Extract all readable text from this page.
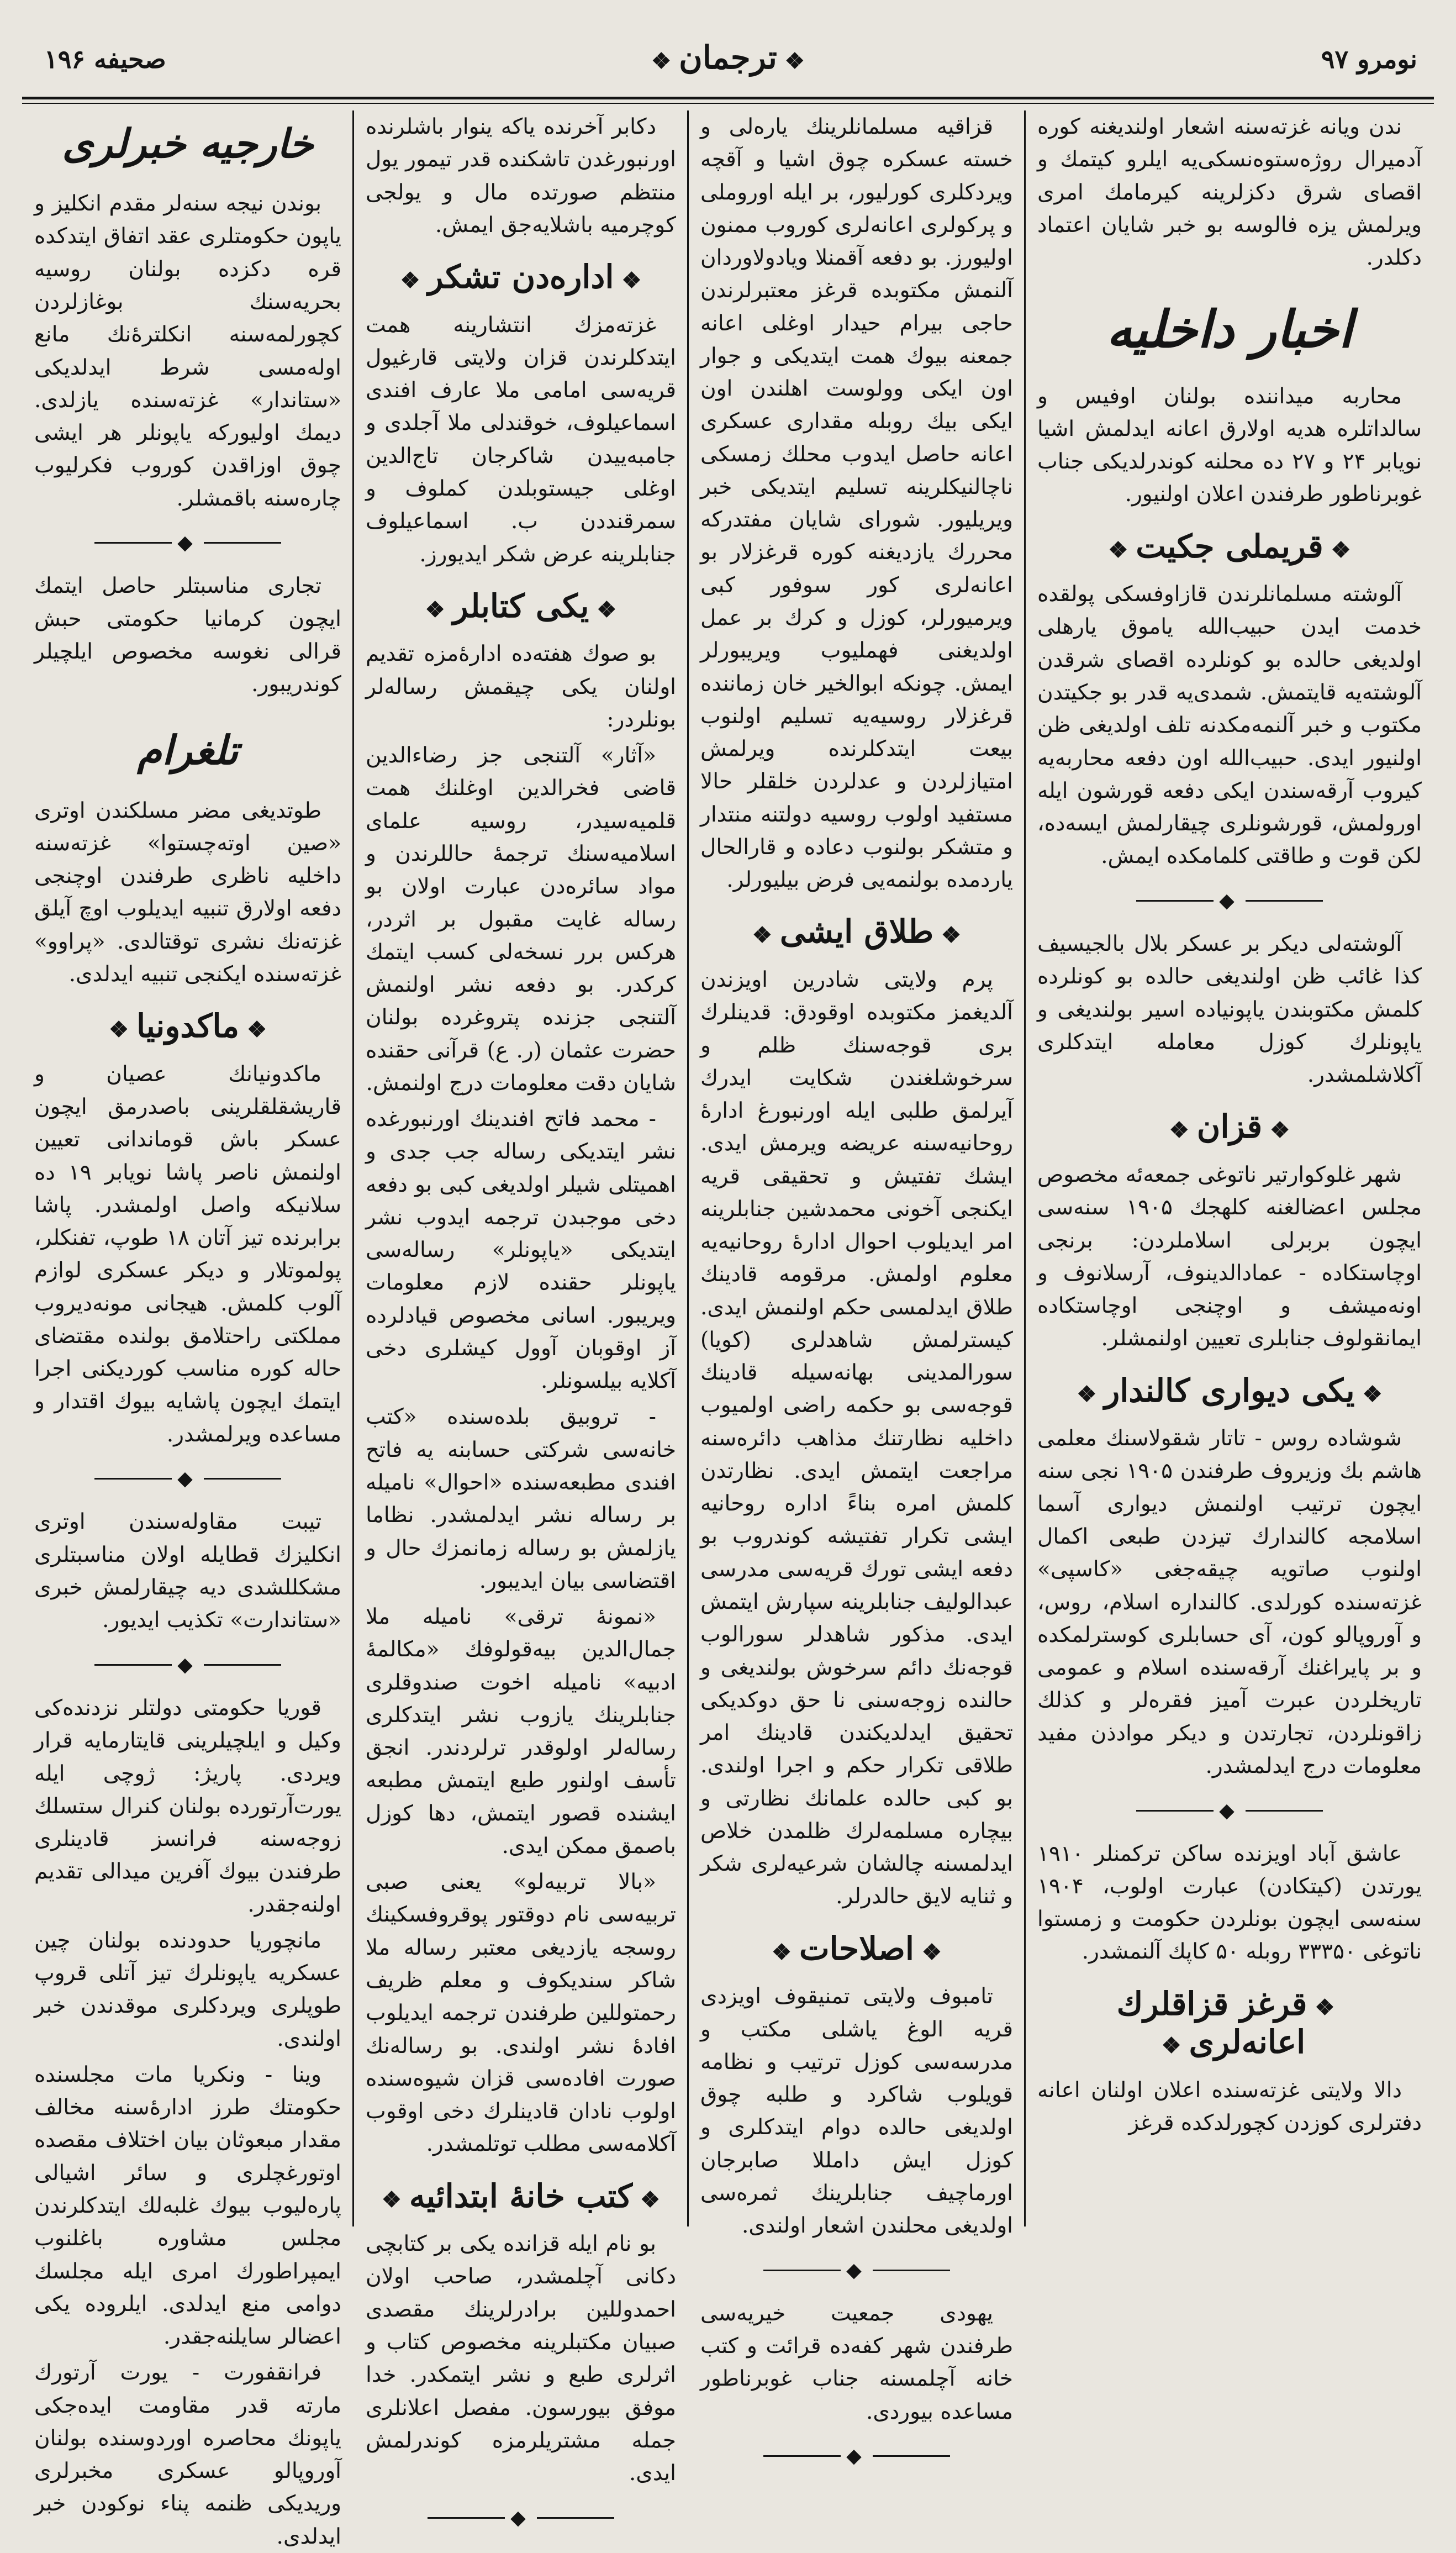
نومرو ۹۷
❖ترجمان❖
صحیفه ۱۹۶

ندن ویانه غزته‌سنه اشعار اولندیغنه کوره آدمیرال روژه‌ستوه‌نسکی‌یه ایلرو کیتمك و اقصای شرق دکزلرینه کیرمامك امری ویرلمش یزه فالوسه بو خبر شایان اعتماد دکلدر.

اخبار داخلیه

محاربه میداننده بولنان اوفیس و سالداتلره هدیه اولارق اعانه ایدلمش اشیا نویابر ۲۴ و ۲۷ ده محلنه کوندرلدیکی جناب غوبرناطور طرفندن اعلان اولنیور.

❖قریملی جکیت❖

آلوشته مسلمانلرندن قازاوفسکی پولقده خدمت ایدن حبیب‌الله یاموق یارهلی اولدیغی حالده بو کونلرده اقصای شرقدن آلوشته‌یه قایتمش. شمدی‌یه قدر بو جکیتدن مکتوب و خبر آلنمه‌مکدنه تلف اولدیغی ظن اولنیور ایدی. حبیب‌الله اون دفعه محاربه‌یه کیروب آرقه‌سندن ایکی دفعه قورشون ایله اورولمش، قورشونلری چیقارلمش ایسه‌ده، لکن قوت و طاقتی کلمامکده ایمش.

◆

آلوشته‌لی دیکر بر عسکر بلال بالجیسیف کذا غائب ظن اولندیغی حالده بو کونلرده کلمش مکتوبندن یاپونیاده اسیر بولندیغی و یاپونلرك کوزل معامله ایتدکلری آکلاشلمشدر.

❖قزان❖

شهر غلوکوارتیر ناتوغی جمعه‌ئه مخصوص مجلس اعضالغنه کلهجك ۱۹۰۵ سنه‌سی ایچون بربرلی اسلاملردن: برنجی اوچاستکاده - عمادالدینوف، آرسلانوف و اونه‌میشف و اوچنجی اوچاستکاده ایمانقولوف جنابلری تعیین اولنمشلر.

❖یکی دیواری کالندار❖

شوشاده روس - تاتار شقولاسنك معلمی هاشم بك وزیروف طرفندن ۱۹۰۵ نجی سنه ایچون ترتیب اولنمش دیواری آسما اسلامجه کالندارك تیزدن طبعی اکمال اولنوب صاتویه چیقه‌جغی «کاسپی» غزته‌سنده کورلدی. کالنداره اسلام، روس، و آوروپالو کون، آی حسابلری کوسترلمکده و بر پایراغنك آرقه‌سنده اسلام و عمومی تاریخلردن عبرت آمیز فقره‌لر و کذلك زاقونلردن، تجارتدن و دیکر موادذن مفید معلومات درج ایدلمشدر.

◆

عاشق آباد اویزنده ساکن ترکمنلر ۱۹۱۰ یورتدن (کیتکادن) عبارت اولوب، ۱۹۰۴ سنه‌سی ایچون بونلردن حکومت و زمستوا ناتوغی ۳۳۳۵۰ روبله ۵۰ کاپك آلنمشدر.

❖قرغز قزاقلرك اعانه‌لری❖

دالا ولایتی غزته‌سنده اعلان اولنان اعانه دفترلری کوزدن کچورلدکده قرغز

قزاقیه مسلمانلرینك یاره‌لی و خسته عسکره چوق اشیا و آقچه ویردکلری کورلیور، بر ایله اوروملی و پرکولری اعانه‌لری کوروب ممنون اولیورز. بو دفعه آقمنلا ویادولاوردان آلنمش مکتوبده قرغز معتبرلرندن حاجی بیرام حیدار اوغلی اعانه جمعنه بیوك همت ایتدیکی و جوار اون ایکی وولوست اهلندن اون ایکی بیك روبله مقداری عسکری اعانه حاصل ایدوب محلك زمسکی ناچالنیکلرینه تسلیم ایتدیکی خبر ویریلیور. شورای شایان مفتدرکه محررك یازدیغنه کوره قرغزلار بو اعانه‌لری کور سوفور کبی ویرمیورلر، کوزل و کرك بر عمل اولدیغنی فهملیوب ویریبورلر ایمش. چونکه ابوالخیر خان زماننده قرغزلار روسیه‌یه تسلیم اولنوب بیعت ایتدکلرنده ویرلمش امتیازلردن و عدلردن خلقلر حالا مستفید اولوب روسیه دولتنه منتدار و متشکر بولنوب دعاده و قارالحال یاردمده بولنمه‌یی فرض بیلیورلر.

❖طلاق ایشی❖

پرم ولایتی شادرین اویزندن آلدیغمز مکتوبده اوقودق: قدینلرك بری قوجه‌سنك ظلم و سرخوشلغندن شکایت ایدرك آیرلمق طلبی ایله اورنبورغ ادارهٔ روحانیه‌سنه عریضه ویرمش ایدی. ایشك تفتیش و تحقیقی قریه ایکنجی آخونی محمدشین جنابلرینه امر ایدیلوب احوال ادارهٔ روحانیه‌یه معلوم اولمش. مرقومه قادینك طلاق ایدلمسی حکم اولنمش ایدی. کیسترلمش شاهدلری (کویا) سورالمدینی بهانه‌سیله قادینك قوجه‌سی بو حکمه راضی اولمیوب داخلیه نظارتنك مذاهب دائره‌سنه مراجعت ایتمش ایدی. نظارتدن کلمش امره بناءً اداره روحانیه ایشی تکرار تفتیشه کوندروب بو دفعه ایشی تورك قریه‌سی مدرسی عبدالولیف جنابلرینه سپارش ایتمش ایدی. مذکور شاهدلر سورالوب قوجه‌نك دائم سرخوش بولندیغی و حالنده زوجه‌سنی نا حق دوکدیکی تحقیق ایدلدیکندن قادینك امر طلاقی تکرار حکم و اجرا اولندی. بو کبی حالده علمانك نظارتی و بیچاره مسلمه‌لرك ظلمدن خلاص ایدلمسنه چالشان شرعیه‌لری شکر و ثنایه لایق حالدرلر.

❖اصلاحات❖

تامبوف ولایتی تمنیقوف اویزدی قریه الوغ یاشلی مکتب و مدرسه‌سی کوزل ترتیب و نظامه قویلوب شاکرد و طلبه چوق اولدیغی حالده دوام ایتدکلری و کوزل ایش دامللا صابرجان اورماچیف جنابلرینك ثمره‌سی اولدیغی محلندن اشعار اولندی.

◆

یهودی جمعیت خیریه‌سی طرفندن شهر کفه‌ده قرائت و کتب خانه آچلمسنه جناب غوبرناطور مساعده بیوردی.

◆

دکابر آخرنده یاکه ینوار باشلرنده اورنبورغدن تاشکنده قدر تیمور یول منتظم صورتده مال و یولجی کوچرمیه باشلایه‌جق ایمش.

❖اداره‌دن تشکر❖

غزته‌مزك انتشارینه همت ایتدکلرندن قزان ولایتی قارغیول قریه‌سی امامی ملا عارف افندی اسماعیلوف، خوقندلی ملا آجلدی و جامبه‌ییدن شاکرجان تاج‌الدین اوغلی جیستوبلدن کملوف و سمرقنددن ب. اسماعیلوف جنابلرینه عرض شکر ایدیورز.

❖یکی کتابلر❖

بو صوك هفته‌ده ادارهٔ‌مزه تقدیم اولنان یکی چیقمش رساله‌لر بونلردر:

«آثار» آلتنجی جز رضاء‌الدین قاضی فخرالدین اوغلنك همت قلمیه‌سیدر، روسیه علمای اسلامیه‌سنك ترجمهٔ حاللرندن و مواد سائره‌دن عبارت اولان بو رساله غایت مقبول بر اثردر، هرکس برر نسخه‌لی کسب ایتمك کرکدر. بو دفعه نشر اولنمش آلتنجی جزنده پتروغرده بولنان حضرت عثمان (ر. ع) قرآنی حقنده شایان دقت معلومات درج اولنمش.

- محمد فاتح افندینك اورنبورغده نشر ایتدیکی رساله جب جدی و اهمیتلی شیلر اولدیغی کبی بو دفعه دخی موجبدن ترجمه ایدوب نشر ایتدیکی «یاپونلر» رساله‌سی یاپونلر حقنده لازم معلومات ویریبور. اسانی مخصوص قیادلرده آز اوقوبان آوول کیشلری دخی آکلایه بیلسونلر.

- تروبیق بلده‌سنده «کتب خانه‌سی شرکتی حسابنه یه فاتح افندی مطبعه‌سنده «احوال» نامیله بر رساله نشر ایدلمشدر. نظاما یازلمش بو رساله زمانمزك حال و اقتضاسی بیان ایدیبور.

«نمونهٔ ترقی» نامیله ملا جمال‌الدین بیه‌قولوفك «مکالمهٔ ادبیه» نامیله اخوت صندوقلری جنابلرینك یازوب نشر ایتدکلری رساله‌لر اولوقدر ترلردندر. انجق تأسف اولنور طبع ایتمش مطبعه ایشنده قصور ایتمش، دها کوزل باصمق ممکن ایدی.

«بالا تربیه‌لو» یعنی صبی تربیه‌سی نام دوقتور پوقروفسکینك روسجه یازدیغی معتبر رساله ملا شاکر سندیکوف و معلم ظریف رحمتوللین طرفندن ترجمه ایدیلوب افادهٔ نشر اولندی. بو رساله‌نك صورت افاده‌سی قزان شیوه‌سنده اولوب نادان قادینلرك دخی اوقوب آکلامه‌سی مطلب توتلمشدر.

❖کتب خانهٔ ابتدائیه❖

بو نام ایله قزانده یکی بر کتابچی دکانی آچلمشدر، صاحب اولان احمدوللین برادرلرینك مقصدی صبیان مکتبلرینه مخصوص کتاب و اثرلری طبع و نشر ایتمکدر. خدا موفق بیورسون. مفصل اعلانلری جمله مشتریلرمزه کوندرلمش ایدی.

◆
خارجیه خبرلری

بوندن نیجه سنه‌لر مقدم انکلیز و یاپون حکومتلری عقد اتفاق ایتدکده قره دکزده بولنان روسیه بحریه‌سنك بوغازلردن کچورلمه‌سنه انکلترهٔ‌نك مانع اوله‌مسی شرط ایدلدیکی «ستاندار» غزته‌سنده یازلدی. دیمك اولیورکه یاپونلر هر ایشی چوق اوزاقدن کوروب فکرلیوب چاره‌سنه باقمشلر.

◆

تجاری مناسبتلر حاصل ایتمك ایچون کرمانیا حکومتی حبش قرالی نغوسه مخصوص ایلچیلر کوندریبور.

تلغرام

طوتدیغی مضر مسلکندن اوتری «صین اوته‌چستوا» غزته‌سنه داخلیه ناظری طرفندن اوچنجی دفعه اولارق تنبیه ایدیلوب اوچ آیلق غزته‌نك نشری توقتالدی. «پراوو» غزته‌سنده ایکنجی تنبیه ایدلدی.

❖ماکدونیا❖

ماکدونیانك عصیان و قاریشقلقلرینی باصدرمق ایچون عسکر باش قوماندانی تعیین اولنمش ناصر پاشا نویابر ۱۹ ده سلانیکه واصل اولمشدر. پاشا برابرنده تیز آتان ۱۸ طوپ، تفنکلر، پولموتلار و دیکر عسکری لوازم آلوب کلمش. هیجانی مونه‌دیروب مملکتی راحتلامق بولنده مقتضای حاله کوره مناسب کوردیکنی اجرا ایتمك ایچون پاشایه بیوك اقتدار و مساعده ویرلمشدر.

◆

تیبت مقاوله‌سندن اوتری انکلیزك قطایله اولان مناسبتلری مشکللشدی دیه چیقارلمش خبری «ستاندارت» تکذیب ایدیور.

◆

قوریا حکومتی دولتلر نزدنده‌کی وکیل و ایلچیلرینی قایتارمایه قرار ویردی. پاریژ: ژوچی ایله یورت‌آرتورده بولنان کنرال ستسلك زوجه‌سنه فرانسز قادینلری طرفندن بیوك آفرین میدالی تقدیم اولنه‌جقدر.

مانچوریا حدودنده بولنان چین عسکریه یاپونلرك تیز آتلی قروپ طوپلری ویردکلری موقدندن خبر اولندی.

وینا - ونکریا مات مجلسنده حکومتك طرز ادارهٔ‌سنه مخالف مقدار مبعوثان بیان اختلاف مقصده اوتورغچلری و سائر اشیالی پاره‌لیوب بیوك غلبه‌لك ایتدکلرندن مجلس مشاوره باغلنوب ایمپراطورك امری ایله مجلسك دوامی منع ایدلدی. ایلروده یکی اعضالر سایلنه‌جقدر.

فرانقفورت - یورت آرتورك مارته قدر مقاومت ایده‌جکی یاپونك محاصره اوردوسنده بولنان آوروپالو عسکری مخبرلری وریدیکی ظنمه پناء نوکودن خبر ایدلدی.
